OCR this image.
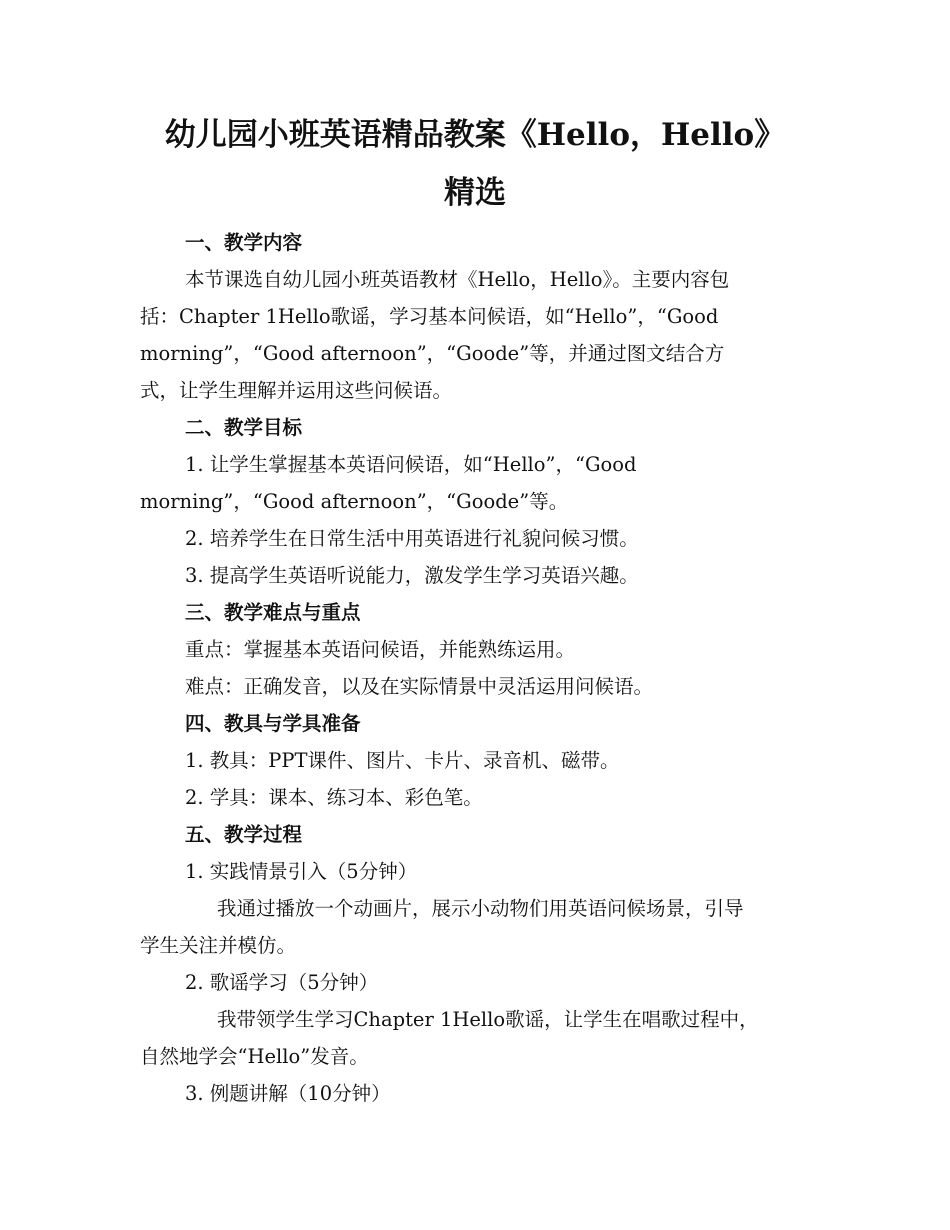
幼儿园小班英语精品教案《Hello，Hello》
精选
一、教学内容
本节课选自幼儿园小班英语教材《Hello，Hello》。主要内容包
括：Chapter 1Hello歌谣，学习基本问候语，如“Hello”，“Good
morning”，“Good afternoon”，“Goode”等，并通过图文结合方
式，让学生理解并运用这些问候语。
二、教学目标
1. 让学生掌握基本英语问候语，如“Hello”，“Good
morning”，“Good afternoon”，“Goode”等。
2. 培养学生在日常生活中用英语进行礼貌问候习惯。
3. 提高学生英语听说能力，激发学生学习英语兴趣。
三、教学难点与重点
重点：掌握基本英语问候语，并能熟练运用。
难点：正确发音，以及在实际情景中灵活运用问候语。
四、教具与学具准备
1. 教具：PPT课件、图片、卡片、录音机、磁带。
2. 学具：课本、练习本、彩色笔。
五、教学过程
1. 实践情景引入（5分钟）
我通过播放一个动画片，展示小动物们用英语问候场景，引导
学生关注并模仿。
2. 歌谣学习（5分钟）
我带领学生学习Chapter 1Hello歌谣，让学生在唱歌过程中，
自然地学会“Hello”发音。
3. 例题讲解（10分钟）
